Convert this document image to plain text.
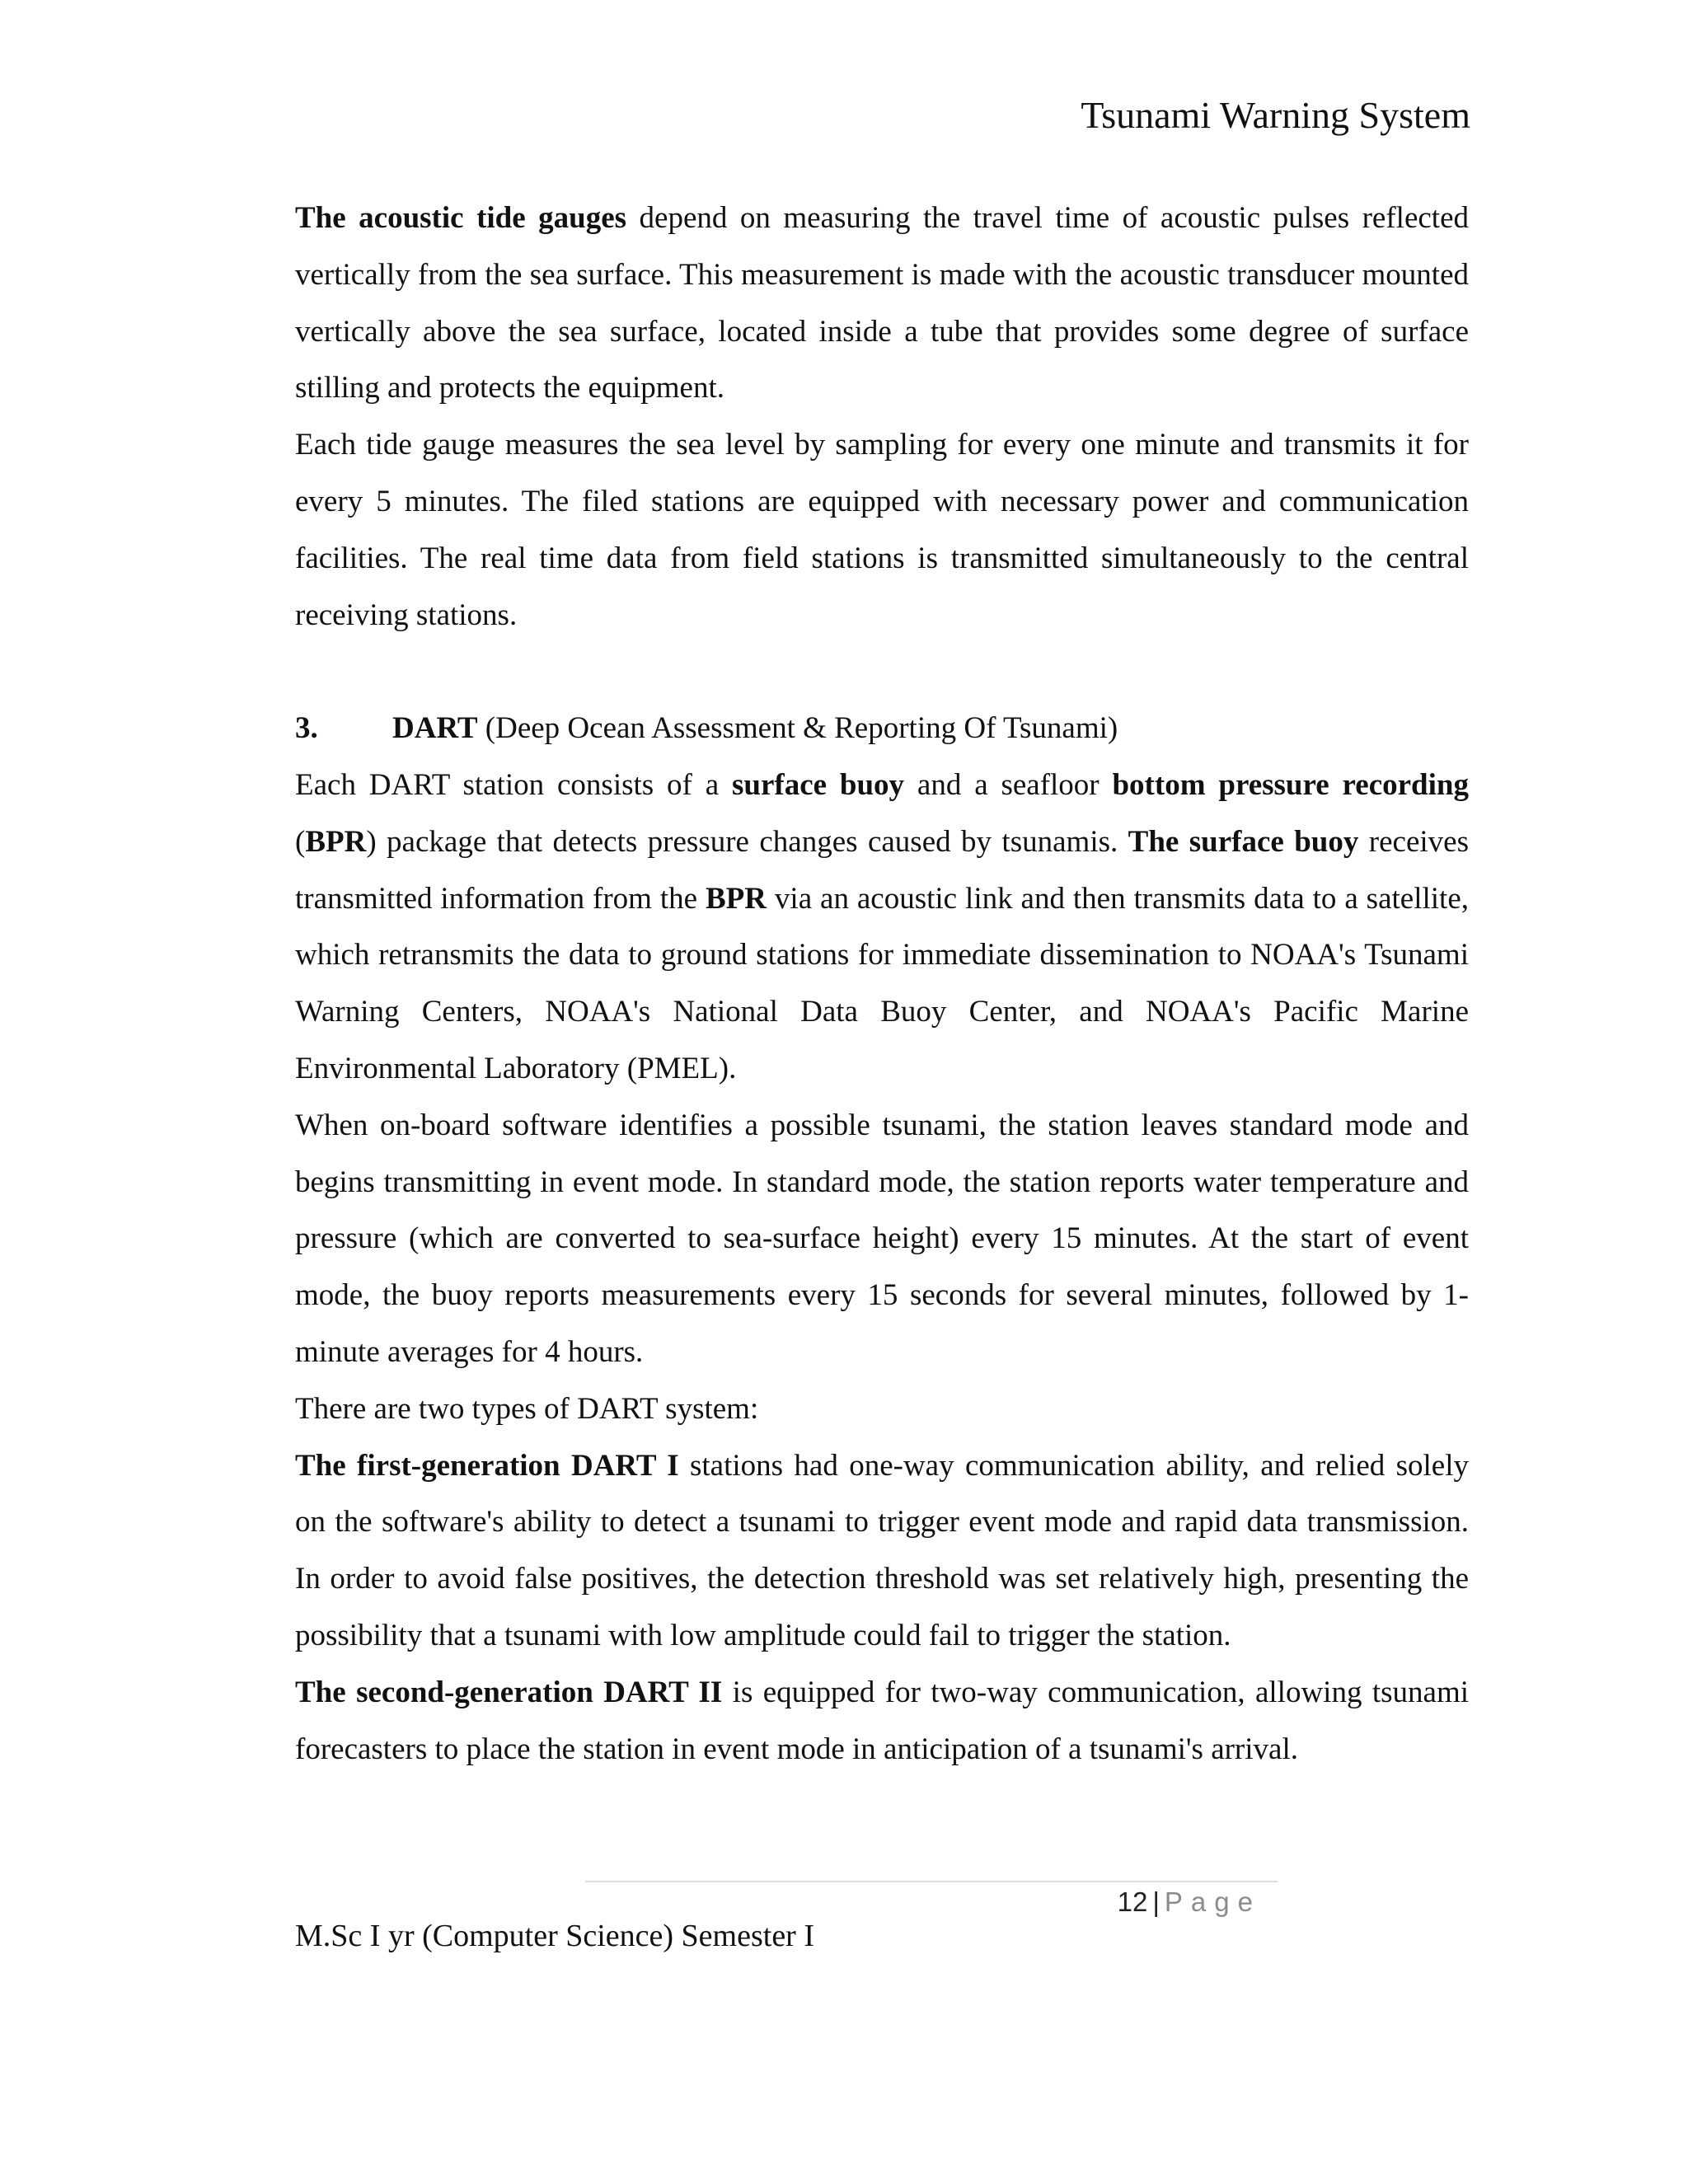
Tsunami Warning System

The acoustic tide gauges depend on measuring the travel time of acoustic pulses reflected vertically from the sea surface. This measurement is made with the acoustic transducer mounted vertically above the sea surface, located inside a tube that provides some degree of surface stilling and protects the equipment.

Each tide gauge measures the sea level by sampling for every one minute and transmits it for every 5 minutes. The filed stations are equipped with necessary power and communication facilities. The real time data from field stations is transmitted simultaneously to the central receiving stations.

3. DART (Deep Ocean Assessment & Reporting Of Tsunami)

Each DART station consists of a surface buoy and a seafloor bottom pressure recording (BPR) package that detects pressure changes caused by tsunamis. The surface buoy receives transmitted information from the BPR via an acoustic link and then transmits data to a satellite, which retransmits the data to ground stations for immediate dissemination to NOAA's Tsunami Warning Centers, NOAA's National Data Buoy Center, and NOAA's Pacific Marine Environmental Laboratory (PMEL).

When on-board software identifies a possible tsunami, the station leaves standard mode and begins transmitting in event mode. In standard mode, the station reports water temperature and pressure (which are converted to sea-surface height) every 15 minutes. At the start of event mode, the buoy reports measurements every 15 seconds for several minutes, followed by 1-minute averages for 4 hours.

There are two types of DART system:

The first-generation DART I stations had one-way communication ability, and relied solely on the software's ability to detect a tsunami to trigger event mode and rapid data transmission. In order to avoid false positives, the detection threshold was set relatively high, presenting the possibility that a tsunami with low amplitude could fail to trigger the station.

The second-generation DART II is equipped for two-way communication, allowing tsunami forecasters to place the station in event mode in anticipation of a tsunami's arrival.

12 | Page
M.Sc I yr (Computer Science) Semester I
